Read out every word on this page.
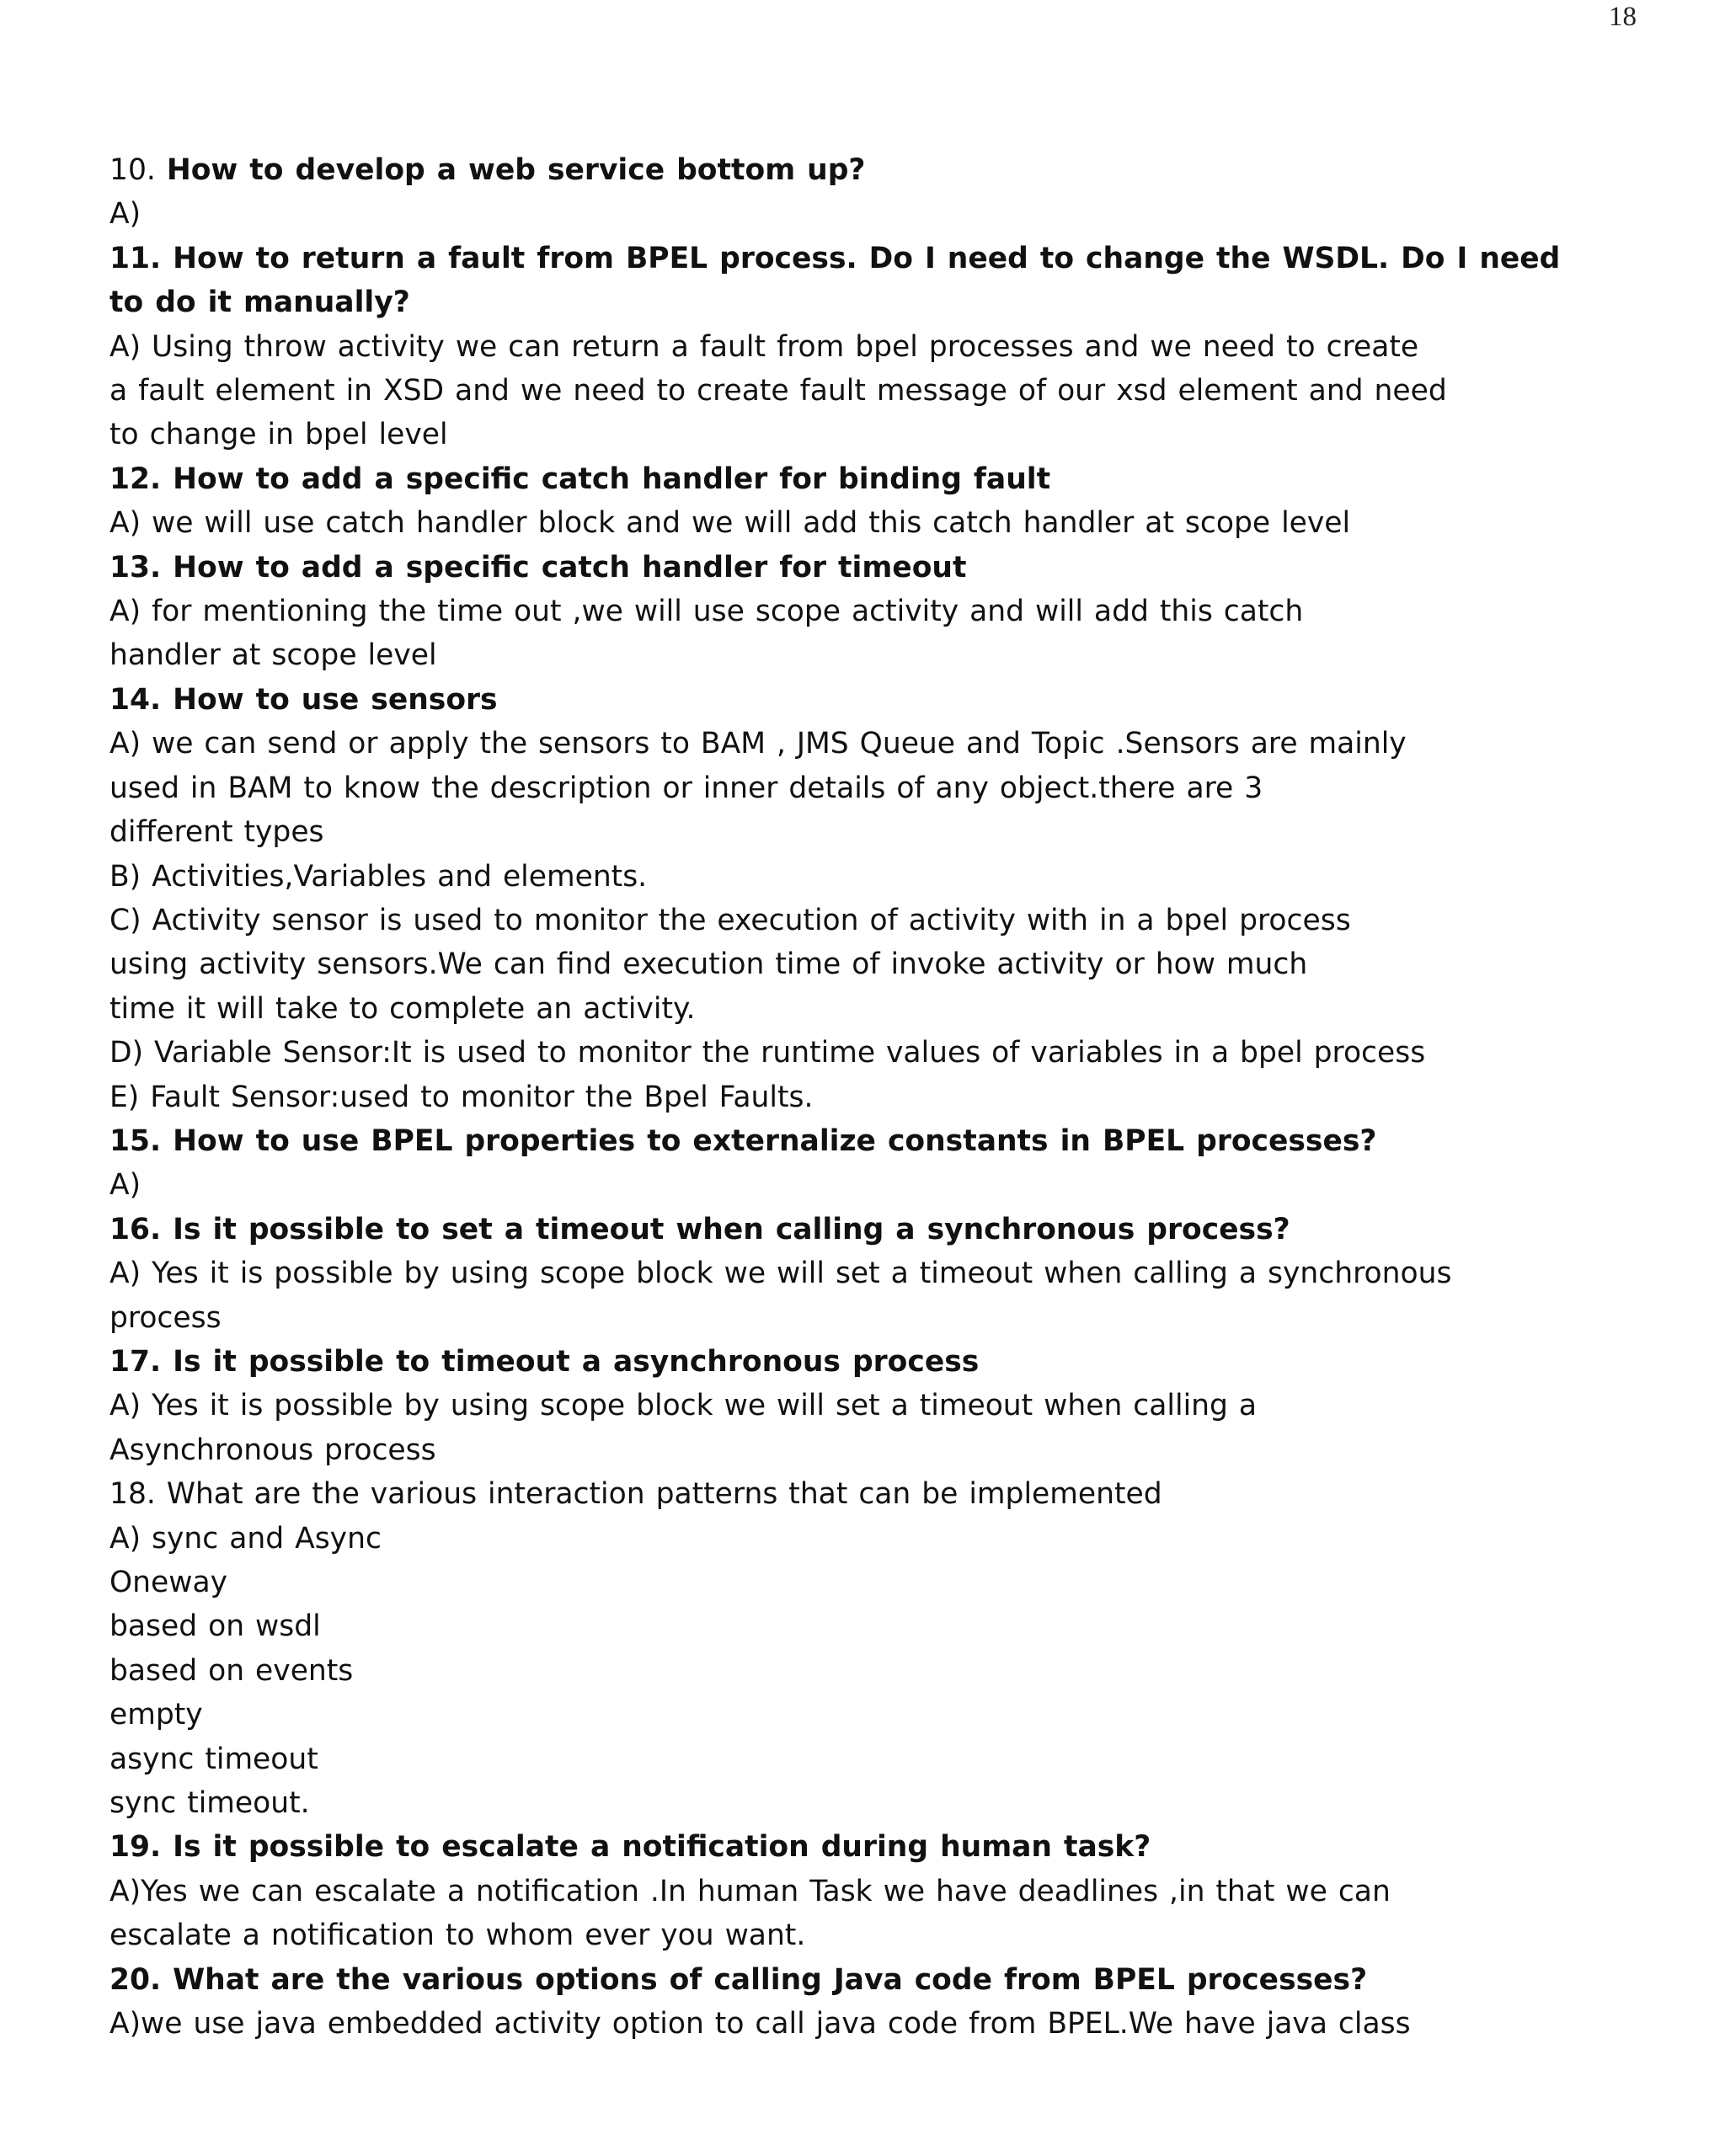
18
10. How to develop a web service bottom up?
A)
11. How to return a fault from BPEL process. Do I need to change the WSDL. Do I need
to do it manually?
A) Using throw activity we can return a fault from bpel processes and we need to create
a fault element in XSD and we need to create fault message of our xsd element and need
to change in bpel level
12. How to add a specific catch handler for binding fault
A) we will use catch handler block and we will add this catch handler at scope level
13. How to add a specific catch handler for timeout
A) for mentioning the time out ,we will use scope activity and will add this catch
handler at scope level
14. How to use sensors
A) we can send or apply the sensors to BAM , JMS Queue and Topic .Sensors are mainly
used in BAM to know the description or inner details of any object.there are 3
different types
B) Activities,Variables and elements.
C) Activity sensor is used to monitor the execution of activity with in a bpel process
using activity sensors.We can find execution time of invoke activity or how much
time it will take to complete an activity.
D) Variable Sensor:It is used to monitor the runtime values of variables in a bpel process
E) Fault Sensor:used to monitor the Bpel Faults.
15. How to use BPEL properties to externalize constants in BPEL processes?
A)
16. Is it possible to set a timeout when calling a synchronous process?
A) Yes it is possible by using scope block we will set a timeout when calling a synchronous
process
17. Is it possible to timeout a asynchronous process
A) Yes it is possible by using scope block we will set a timeout when calling a
Asynchronous process
18. What are the various interaction patterns that can be implemented
A) sync and Async
Oneway
based on wsdl
based on events
empty
async timeout
sync timeout.
19. Is it possible to escalate a notification during human task?
A)Yes we can escalate a notification .In human Task we have deadlines ,in that we can
escalate a notification to whom ever you want.
20. What are the various options of calling Java code from BPEL processes?
A)we use java embedded activity option to call java code from BPEL.We have java class
